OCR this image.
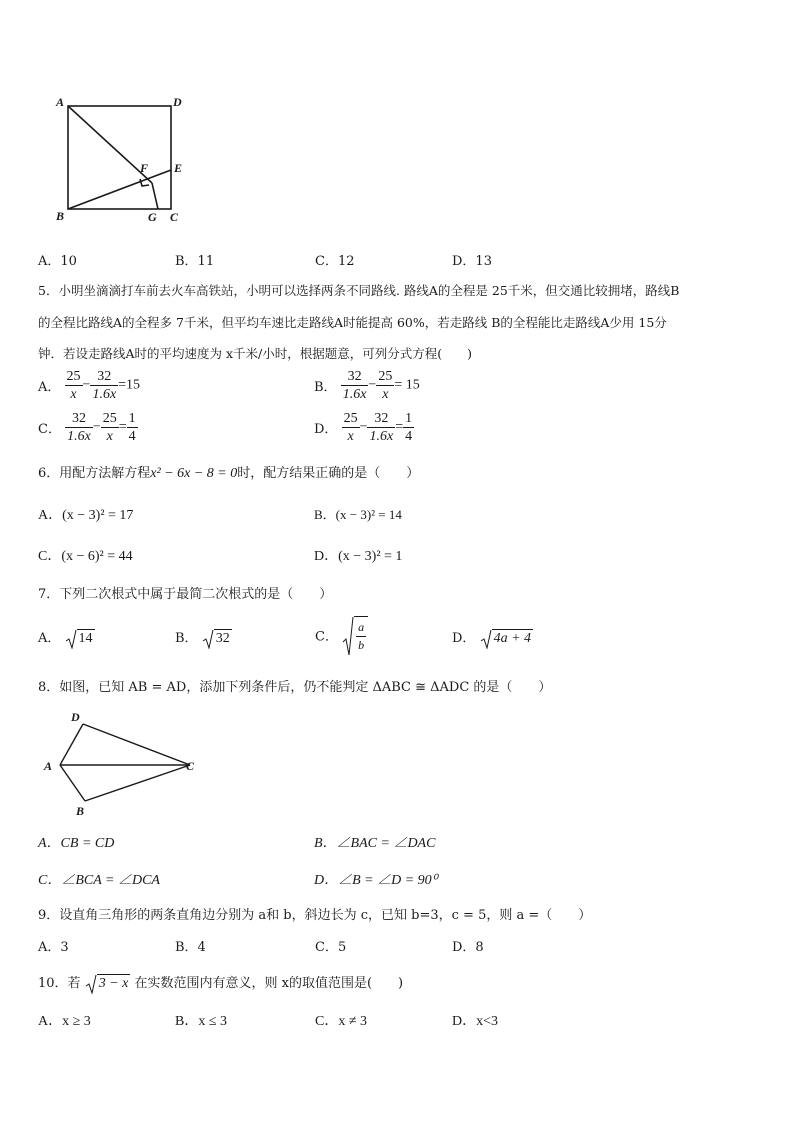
A	D
F E
B	G C
A．10	B．11	C．12	D．13
5．小明坐滴滴打车前去火车高铁站，小明可以选择两条不同路线. 路线A的全程是 25千米，但交通比较拥堵，路线B
的全程比路线A的全程多 7千米，但平均车速比走路线A时能提高 60%，若走路线 B的全程能比走路线A少用 15分
钟．若设走路线A时的平均速度为 x千米/小时，根据题意，可列分式方程(　　)
A． $\frac{25}{x} - \frac{32}{1.6x} =15$	B． $\frac{32}{1.6x} - \frac{25}{x} = 15$
C． $\frac{32}{1.6x} - \frac{25}{x} = \frac{1}{4}$	D． $\frac{25}{x} - \frac{32}{1.6x} = \frac{1}{4}$
6．用配方法解方程x² − 6x − 8 = 0时，配方结果正确的是（　　）
A．(x − 3)² = 17	B．(x − 3)² = 14
C．(x − 6)² = 44	D．(x − 3)² = 1
7．下列二次根式中属于最简二次根式的是（　　）
A． 14	B． 32	C． $\frac{a}{b}$	D． 4a + 4
8．如图，已知 AB = AD，添加下列条件后，仍不能判定 ΔABC ≅ ΔADC 的是（　　）
D
A	C
B
A．CB = CD	B．∠BAC = ∠DAC
C．∠BCA = ∠DCA	D．∠B = ∠D = 90⁰
9．设直角三角形的两条直角边分别为 a和 b，斜边长为 c，已知 b=3，c = 5，则 a =（　　）
A．3	B．4	C．5	D．8
10．若 3 − x 在实数范围内有意义，则 x的取值范围是(　　)
A．x ≥ 3	B．x ≤ 3	C．x ≠ 3	D．x<3
